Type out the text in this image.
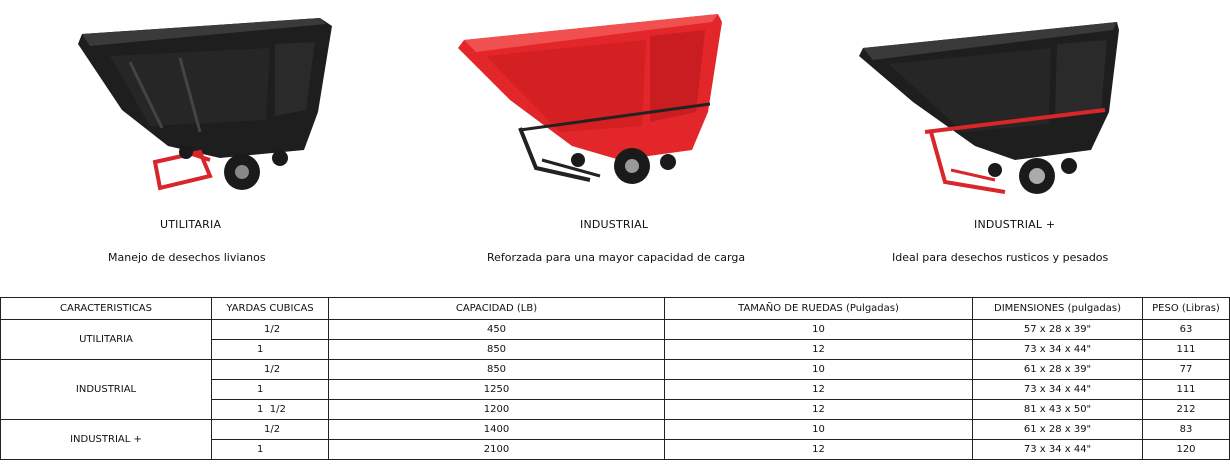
UTILITARIA
Manejo de desechos livianos
INDUSTRIAL
Reforzada para una mayor capacidad de carga
INDUSTRIAL +
Ideal para desechos rusticos y pesados
CARACTERISTICAS	YARDAS CUBICAS	CAPACIDAD (LB)	TAMAÑO DE RUEDAS (Pulgadas)	DIMENSIONES (pulgadas)	PESO (Libras)
UTILITARIA	1/2	450	10	57 x 28 x 39"	63
	1	850	12	73 x 34 x 44"	111
INDUSTRIAL	1/2	850	10	61 x 28 x 39"	77
	1	1250	12	73 x 34 x 44"	111
	1  1/2	1200	12	81 x 43 x 50"	212
INDUSTRIAL +	1/2	1400	10	61 x 28 x 39"	83
	1	2100	12	73 x 34 x 44"	120
